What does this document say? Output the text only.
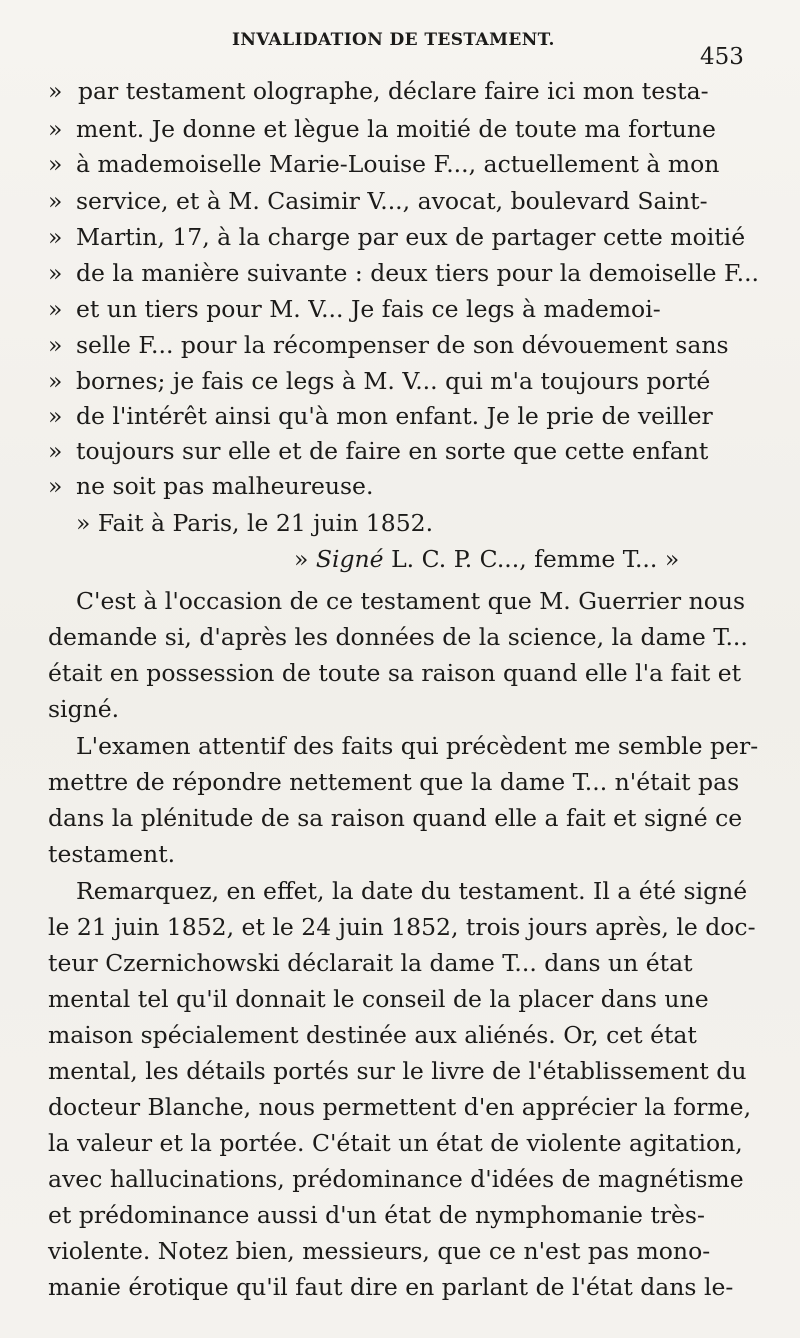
INVALIDATION DE TESTAMENT.
453
» par testament olographe, déclare faire ici mon testa-
» ment. Je donne et lègue la moitié de toute ma fortune
» à mademoiselle Marie-Louise F..., actuellement à mon
» service, et à M. Casimir V..., avocat, boulevard Saint-
» Martin, 17, à la charge par eux de partager cette moitié
» de la manière suivante : deux tiers pour la demoiselle F...
» et un tiers pour M. V... Je fais ce legs à mademoi-
» selle F... pour la récompenser de son dévouement sans
» bornes; je fais ce legs à M. V... qui m'a toujours porté
» de l'intérêt ainsi qu'à mon enfant. Je le prie de veiller
» toujours sur elle et de faire en sorte que cette enfant
» ne soit pas malheureuse.
» Fait à Paris, le 21 juin 1852.
» Signé L. C. P. C..., femme T... »
C'est à l'occasion de ce testament que M. Guerrier nous
demande si, d'après les données de la science, la dame T...
était en possession de toute sa raison quand elle l'a fait et
signé.
L'examen attentif des faits qui précèdent me semble per-
mettre de répondre nettement que la dame T... n'était pas
dans la plénitude de sa raison quand elle a fait et signé ce
testament.
Remarquez, en effet, la date du testament. Il a été signé
le 21 juin 1852, et le 24 juin 1852, trois jours après, le doc-
teur Czernichowski déclarait la dame T... dans un état
mental tel qu'il donnait le conseil de la placer dans une
maison spécialement destinée aux aliénés. Or, cet état
mental, les détails portés sur le livre de l'établissement du
docteur Blanche, nous permettent d'en apprécier la forme,
la valeur et la portée. C'était un état de violente agitation,
avec hallucinations, prédominance d'idées de magnétisme
et prédominance aussi d'un état de nymphomanie très-
violente. Notez bien, messieurs, que ce n'est pas mono-
manie érotique qu'il faut dire en parlant de l'état dans le-
